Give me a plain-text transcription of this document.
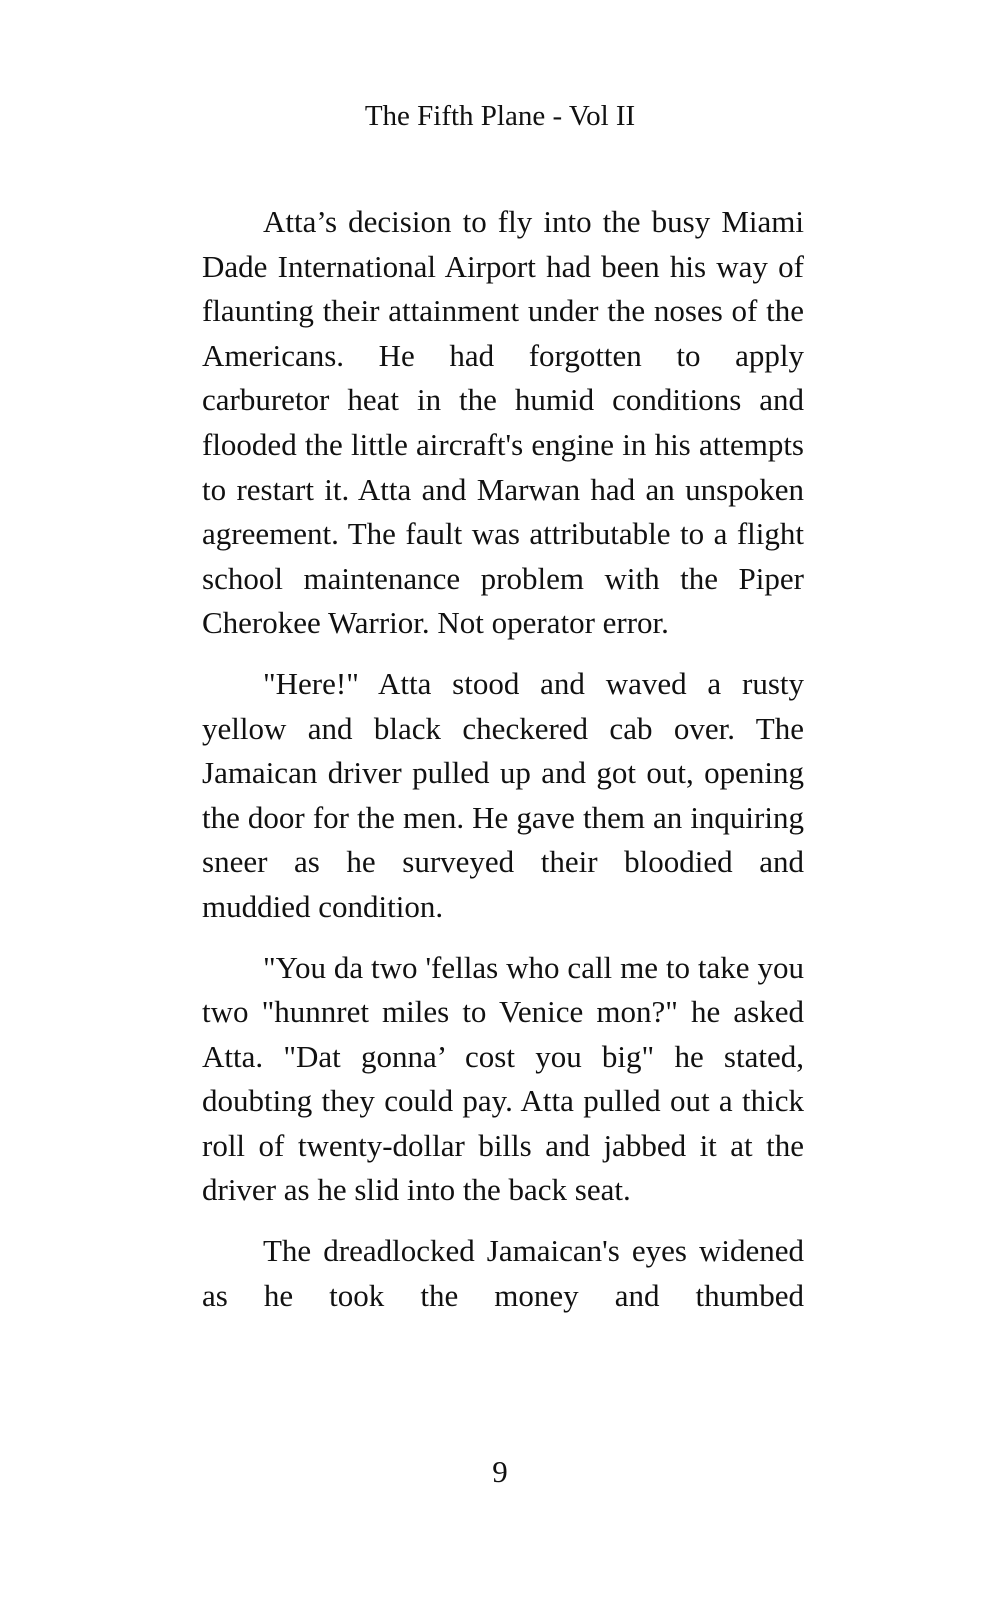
The Fifth Plane - Vol II

Atta’s decision to fly into the busy Miami Dade International Airport had been his way of flaunting their attainment under the noses of the Americans. He had forgotten to apply carburetor heat in the humid conditions and flooded the little aircraft's engine in his attempts to restart it. Atta and Marwan had an unspoken agreement. The fault was attributable to a flight school maintenance problem with the Piper Cherokee Warrior. Not operator error.

"Here!" Atta stood and waved a rusty yellow and black checkered cab over. The Jamaican driver pulled up and got out, opening the door for the men. He gave them an inquiring sneer as he surveyed their bloodied and muddied condition.

"You da two 'fellas who call me to take you two "hunnret miles to Venice mon?" he asked Atta. "Dat gonna’ cost you big" he stated, doubting they could pay. Atta pulled out a thick roll of twenty-dollar bills and jabbed it at the driver as he slid into the back seat.

The dreadlocked Jamaican's eyes widened as he took the money and thumbed

9
